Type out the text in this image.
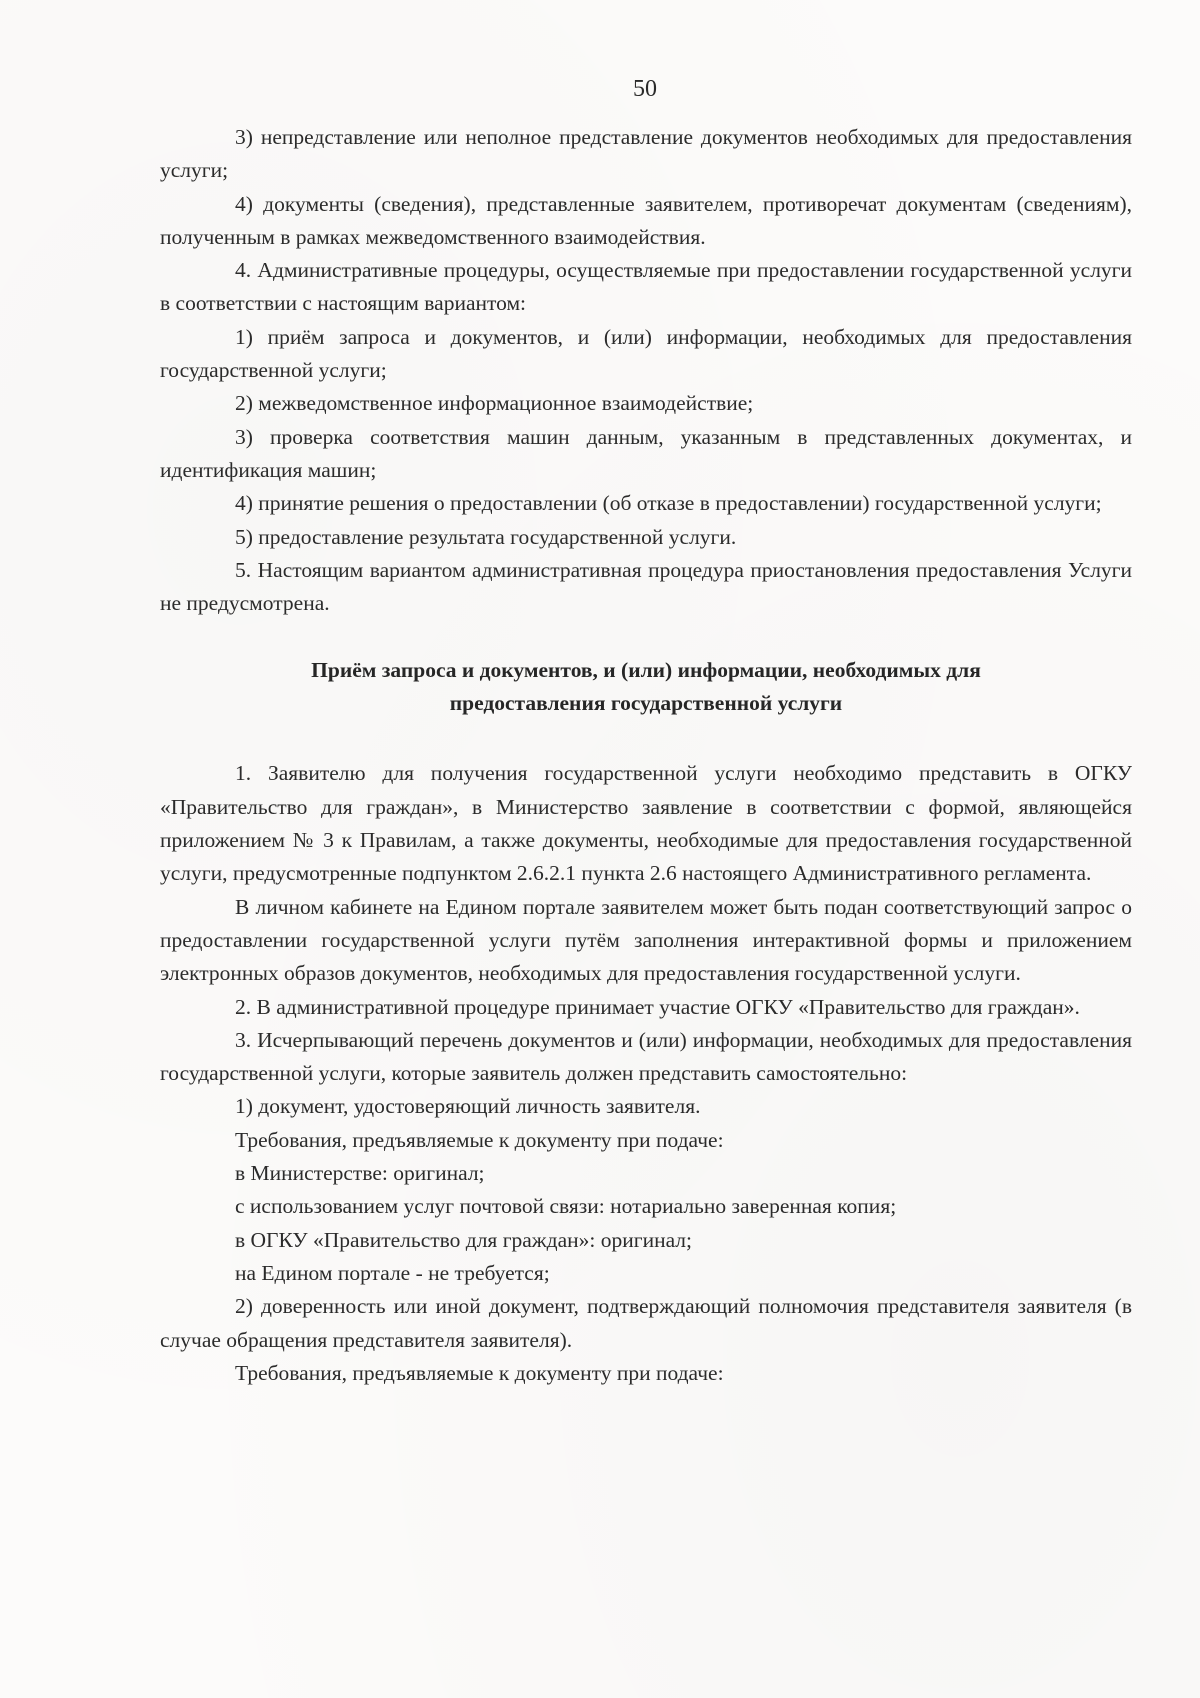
50

3) непредставление или неполное представление документов необходимых для предоставления услуги;

4) документы (сведения), представленные заявителем, противоречат документам (сведениям), полученным в рамках межведомственного взаимодействия.

4. Административные процедуры, осуществляемые при предоставлении государственной услуги в соответствии с настоящим вариантом:

1) приём запроса и документов, и (или) информации, необходимых для предоставления государственной услуги;

2) межведомственное информационное взаимодействие;

3) проверка соответствия машин данным, указанным в представленных документах, и идентификация машин;

4) принятие решения о предоставлении (об отказе в предоставлении) государственной услуги;

5) предоставление результата государственной услуги.

5. Настоящим вариантом административная процедура приостановления предоставления Услуги не предусмотрена.

Приём запроса и документов, и (или) информации, необходимых для
предоставления государственной услуги

1. Заявителю для получения государственной услуги необходимо представить в ОГКУ «Правительство для граждан», в Министерство заявление в соответствии с формой, являющейся приложением № 3 к Правилам, а также документы, необходимые для предоставления государственной услуги, предусмотренные подпунктом 2.6.2.1 пункта 2.6 настоящего Административного регламента.

В личном кабинете на Едином портале заявителем может быть подан соответствующий запрос о предоставлении государственной услуги путём заполнения интерактивной формы и приложением электронных образов документов, необходимых для предоставления государственной услуги.

2. В административной процедуре принимает участие ОГКУ «Правительство для граждан».

3. Исчерпывающий перечень документов и (или) информации, необходимых для предоставления государственной услуги, которые заявитель должен представить самостоятельно:

1) документ, удостоверяющий личность заявителя.

Требования, предъявляемые к документу при подаче:

в Министерстве: оригинал;

с использованием услуг почтовой связи: нотариально заверенная копия;

в ОГКУ «Правительство для граждан»: оригинал;

на Едином портале - не требуется;

2) доверенность или иной документ, подтверждающий полномочия представителя заявителя (в случае обращения представителя заявителя).

Требования, предъявляемые к документу при подаче:
